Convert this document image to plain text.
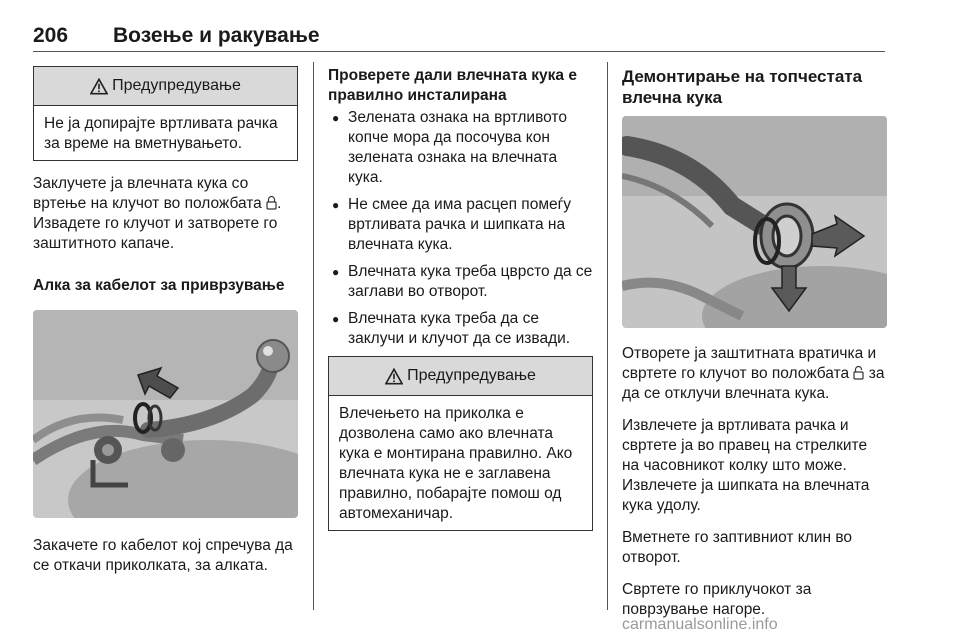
206 Возење и ракување
Предупредување
Не ја допирајте вртливата рачка за време на вметнувањето.

Заклучете ја влечната кука со вртење на клучот во положбата . Извадете го клучот и затворете го заштитното капаче.

Алка за кабелот за приврзување

Закачете го кабелот кој спречува да се откачи приколката, за алката.

Проверете дали влечната кука е правилно инсталирана

● Зелената ознака на вртливото копче мора да посочува кон зелената ознака на влечната кука.
● Не смее да има расцеп помеѓу вртливата рачка и шипката на влечната кука.
● Влечната кука треба цврсто да се заглави во отворот.
● Влечната кука треба да се заклучи и клучот да се извади.
Предупредување
Влечењето на приколка е дозволена само ако влечната кука е монтирана правилно. Ако влечната кука не е заглавена правилно, побарајте помош од автомеханичар.

Демонтирање на топчестата влечна кука

Отворете ја заштитната вратичка и свртете го клучот во положбата  за да се отклучи влечната кука.

Извлечете ја вртливата рачка и свртете ја во правец на стрелките на часовникот колку што може. Извлечете ја шипката на влечната кука удолу.

Вметнете го заптивниот клин во отворот.

Свртете го приклучокот за поврзување нагоре.

carmanualsonline.info
